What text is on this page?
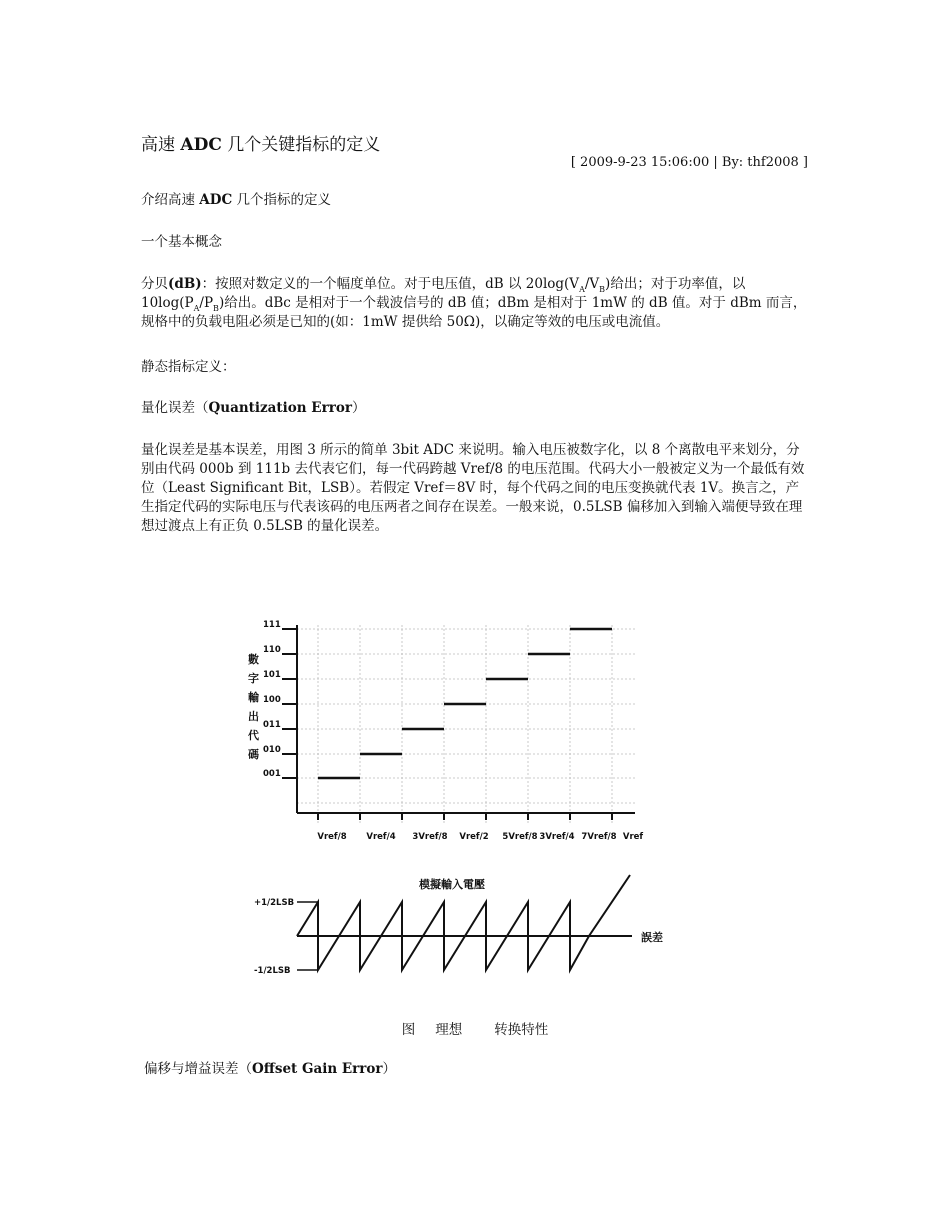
高速 ADC 几个关键指标的定义
[ 2009-9-23 15:06:00 | By: thf2008 ]
介绍高速 ADC 几个指标的定义
一个基本概念
分贝(dB)：按照对数定义的一个幅度单位。对于电压值，dB 以 $20\log(V_A/V_B)$给出；对于功率值，以 $10\log(P_A/P_B)$给出。dBc 是相对于一个载波信号的 dB 值；dBm 是相对于 1mW 的 dB 值。对于 dBm 而言，规格中的负载电阻必须是已知的(如：1mW 提供给 50Ω)，以确定等效的电压或电流值。
静态指标定义：
量化误差（Quantization Error）
量化误差是基本误差，用图 3 所示的简单 3bit ADC 来说明。输入电压被数字化，以 8 个离散电平来划分，分别由代码 000b 到 111b 去代表它们，每一代码跨越 Vref/8 的电压范围。代码大小一般被定义为一个最低有效位（Least Significant Bit，LSB）。若假定 Vref＝8V 时，每个代码之间的电压变换就代表 1V。换言之，产生指定代码的实际电压与代表该码的电压两者之间存在误差。一般来说，0.5LSB 偏移加入到输入端便导致在理想过渡点上有正负 0.5LSB 的量化误差。
111
110
101
100
011
010
001
數
字
輸
出
代
碼
Vref/8 Vref/4 3Vref/8 Vref/2 5Vref/8 3Vref/4 7Vref/8 Vref
模擬輸入電壓
+1/2LSB
-1/2LSB
誤差
图 理想 转换特性
偏移与增益误差（Offset Gain Error）
